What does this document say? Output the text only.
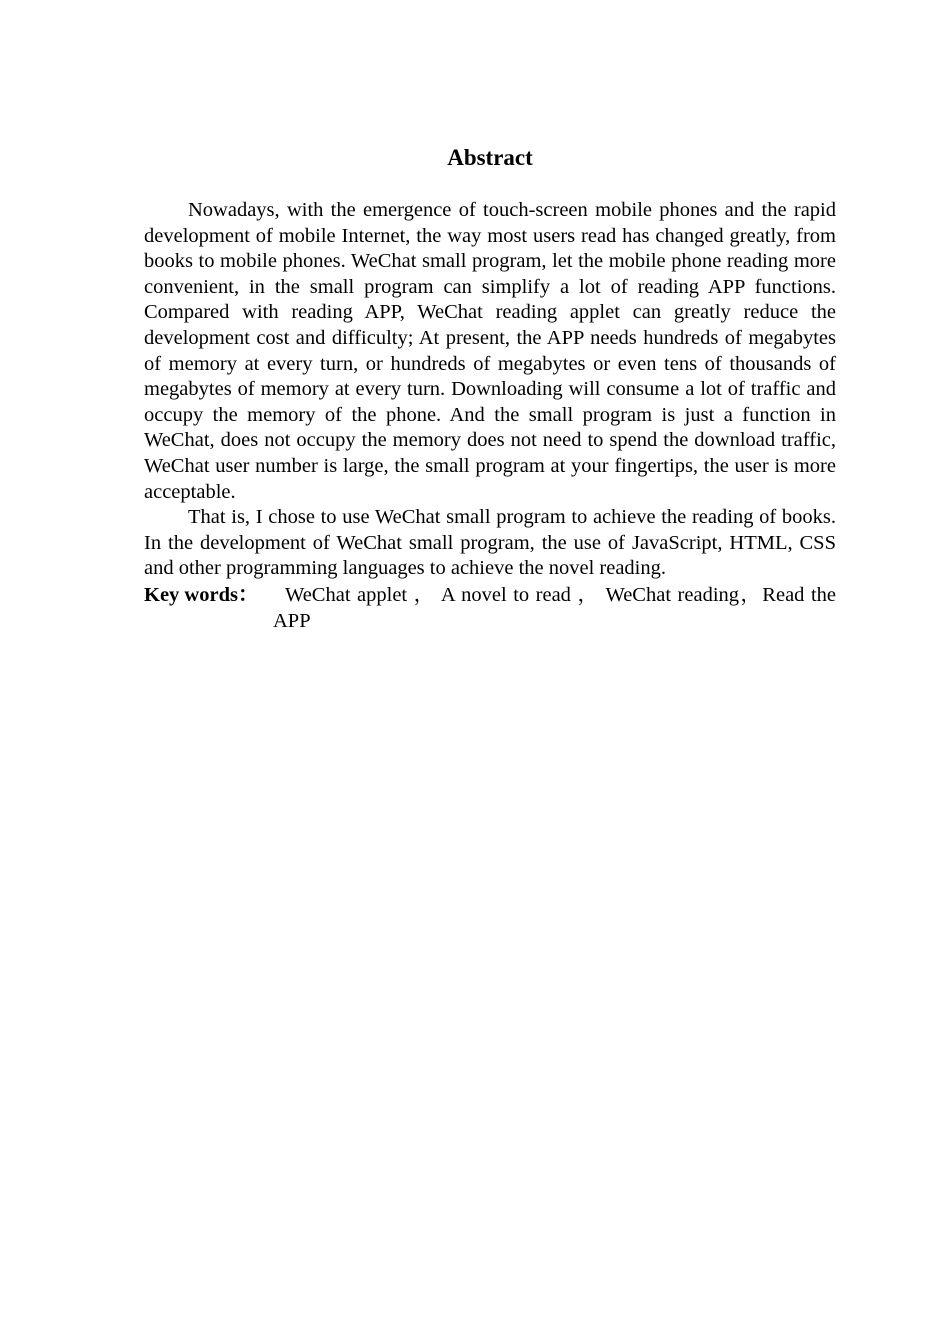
Abstract

Nowadays, with the emergence of touch-screen mobile phones and the rapid development of mobile Internet, the way most users read has changed greatly, from books to mobile phones. WeChat small program, let the mobile phone reading more convenient, in the small program can simplify a lot of reading APP functions. Compared with reading APP, WeChat reading applet can greatly reduce the development cost and difficulty; At present, the APP needs hundreds of megabytes of memory at every turn, or hundreds of megabytes or even tens of thousands of megabytes of memory at every turn. Downloading will consume a lot of traffic and occupy the memory of the phone. And the small program is just a function in WeChat, does not occupy the memory does not need to spend the download traffic, WeChat user number is large, the small program at your fingertips, the user is more acceptable.

That is, I chose to use WeChat small program to achieve the reading of books. In the development of WeChat small program, the use of JavaScript, HTML, CSS and other programming languages to achieve the novel reading.

Key words：	WeChat applet ， A novel to read ， WeChat reading，Read the APP
